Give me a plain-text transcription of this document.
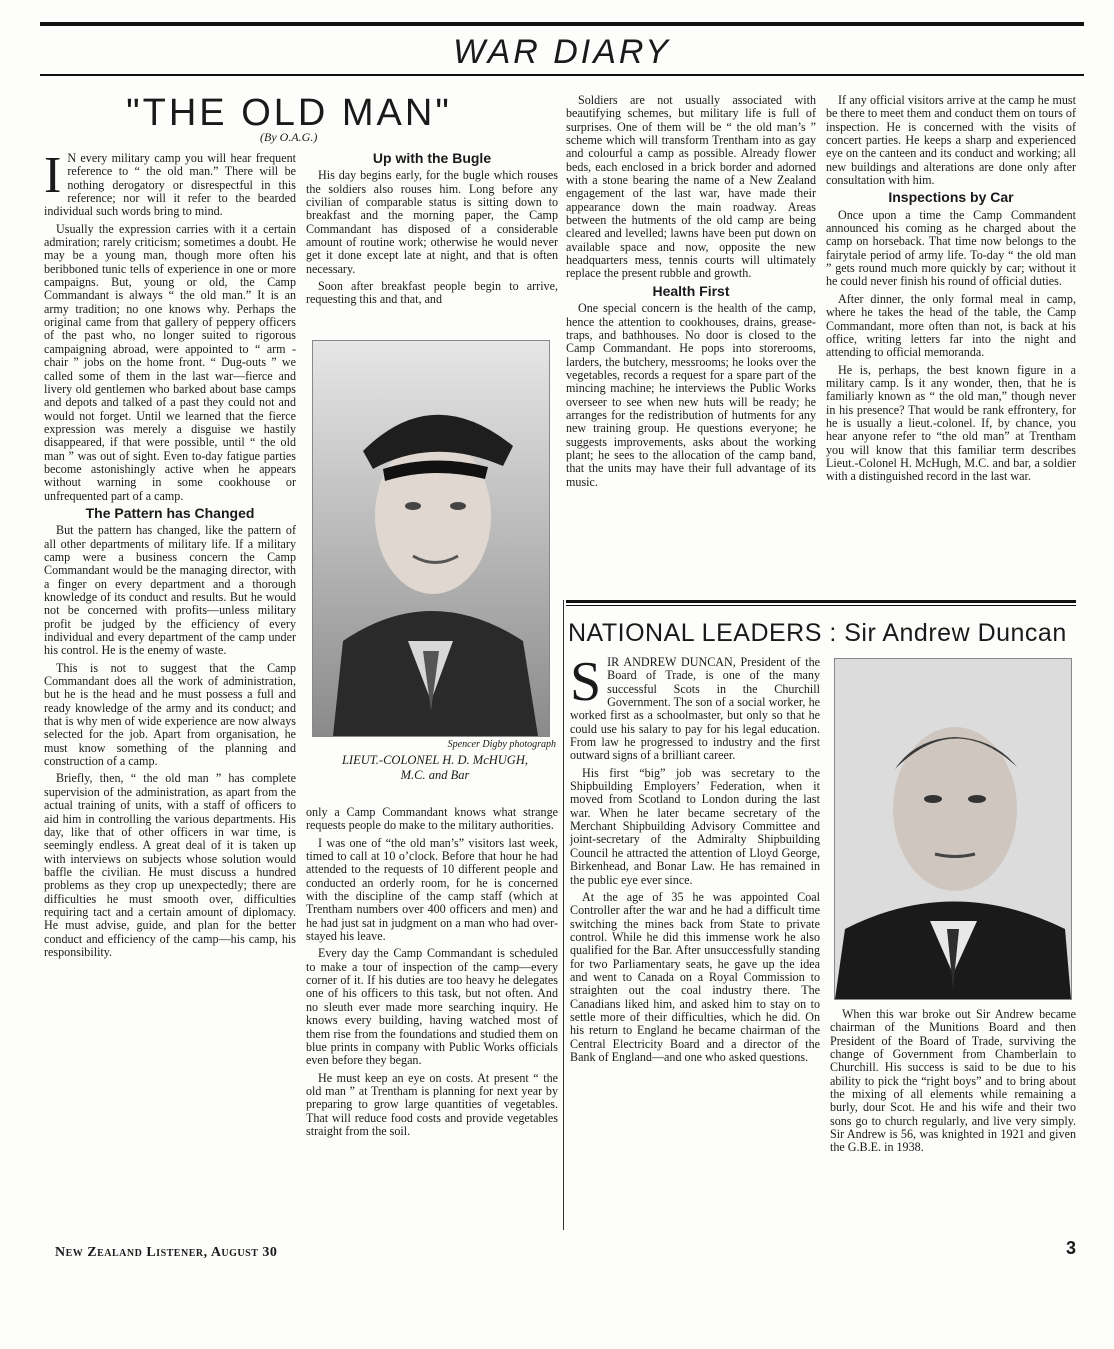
WAR DIARY
"THE OLD MAN"
(By O.A.G.)

I N every military camp you will hear frequent reference to “ the old man.” There will be nothing derogatory or disrespectful in this reference; nor will it refer to the bearded individual such words bring to mind.

Usually the expression carries with it a certain admiration; rarely criticism; sometimes a doubt. He may be a young man, though more often his beribboned tunic tells of experience in one or more campaigns. But, young or old, the Camp Commandant is always “ the old man.” It is an army tradition; no one knows why. Perhaps the original came from that gallery of peppery officers of the past who, no longer suited to rigorous campaigning abroad, were appointed to “ arm - chair ” jobs on the home front. “ Dug-outs ” we called some of them in the last war—fierce and livery old gentlemen who barked about base camps and depots and talked of a past they could not and would not forget. Until we learned that the fierce expression was merely a disguise we hastily disappeared, if that were possible, until “ the old man ” was out of sight. Even to-day fatigue parties become astonishingly active when he appears without warning in some cookhouse or unfrequented part of a camp.

The Pattern has Changed

But the pattern has changed, like the pattern of all other departments of military life. If a military camp were a business concern the Camp Commandant would be the managing director, with a finger on every department and a thorough knowledge of its conduct and results. But he would not be concerned with profits—unless military profit be judged by the efficiency of every individual and every department of the camp under his control. He is the enemy of waste.

This is not to suggest that the Camp Commandant does all the work of administration, but he is the head and he must possess a full and ready knowledge of the army and its conduct; and that is why men of wide experience are now always selected for the job. Apart from organisation, he must know something of the planning and construction of a camp.

Briefly, then, “ the old man ” has complete supervision of the administration, as apart from the actual training of units, with a staff of officers to aid him in controlling the various departments. His day, like that of other officers in war time, is seemingly endless. A great deal of it is taken up with interviews on subjects whose solution would baffle the civilian. He must discuss a hundred problems as they crop up unexpectedly; there are difficulties he must smooth over, difficulties requiring tact and a certain amount of diplomacy. He must advise, guide, and plan for the better conduct and efficiency of the camp—his camp, his responsibility.

Up with the Bugle

His day begins early, for the bugle which rouses the soldiers also rouses him. Long before any civilian of comparable status is sitting down to breakfast and the morning paper, the Camp Commandant has disposed of a considerable amount of routine work; otherwise he would never get it done except late at night, and that is often necessary.

Soon after breakfast people begin to arrive, requesting this and that, and

Spencer Digby photograph
LIEUT.-COLONEL H. D. McHUGH,
M.C. and Bar

only a Camp Commandant knows what strange requests people do make to the military authorities.

I was one of “the old man’s” visitors last week, timed to call at 10 o’clock. Before that hour he had attended to the requests of 10 different people and conducted an orderly room, for he is concerned with the discipline of the camp staff (which at Trentham numbers over 400 officers and men) and he had just sat in judgment on a man who had over-stayed his leave.

Every day the Camp Commandant is scheduled to make a tour of inspection of the camp—every corner of it. If his duties are too heavy he delegates one of his officers to this task, but not often. And no sleuth ever made more searching inquiry. He knows every building, having watched most of them rise from the foundations and studied them on blue prints in company with Public Works officials even before they began.

He must keep an eye on costs. At present “ the old man ” at Trentham is planning for next year by preparing to grow large quantities of vegetables. That will reduce food costs and provide vegetables straight from the soil.

Soldiers are not usually associated with beautifying schemes, but military life is full of surprises. One of them will be “ the old man’s ” scheme which will transform Trentham into as gay and colourful a camp as possible. Already flower beds, each enclosed in a brick border and adorned with a stone bearing the name of a New Zealand engagement of the last war, have made their appearance down the main roadway. Areas between the hutments of the old camp are being cleared and levelled; lawns have been put down on available space and now, opposite the new headquarters mess, tennis courts will ultimately replace the present rubble and growth.

Health First

One special concern is the health of the camp, hence the attention to cookhouses, drains, grease-traps, and bathhouses. No door is closed to the Camp Commandant. He pops into storerooms, larders, the butchery, messrooms; he looks over the vegetables, records a request for a spare part of the mincing machine; he interviews the Public Works overseer to see when new huts will be ready; he arranges for the redistribution of hutments for any new training group. He questions everyone; he suggests improvements, asks about the working plant; he sees to the allocation of the camp band, that the units may have their full advantage of its music.

If any official visitors arrive at the camp he must be there to meet them and conduct them on tours of inspection. He is concerned with the visits of concert parties. He keeps a sharp and experienced eye on the canteen and its conduct and working; all new buildings and alterations are done only after consultation with him.

Inspections by Car

Once upon a time the Camp Commandent announced his coming as he charged about the camp on horseback. That time now belongs to the fairytale period of army life. To-day “ the old man ” gets round much more quickly by car; without it he could never finish his round of official duties.

After dinner, the only formal meal in camp, where he takes the head of the table, the Camp Commandant, more often than not, is back at his office, writing letters far into the night and attending to official memoranda.

He is, perhaps, the best known figure in a military camp. Is it any wonder, then, that he is familiarly known as “ the old man,” though never in his presence? That would be rank effrontery, for he is usually a lieut.-colonel. If, by chance, you hear anyone refer to “the old man” at Trentham you will know that this familiar term describes Lieut.-Colonel H. McHugh, M.C. and bar, a soldier with a distinguished record in the last war.

NATIONAL LEADERS : Sir Andrew Duncan

SIR ANDREW DUNCAN, President of the Board of Trade, is one of the many successful Scots in the Churchill Government. The son of a social worker, he worked first as a schoolmaster, but only so that he could use his salary to pay for his legal education. From law he progressed to industry and the first outward signs of a brilliant career.

His first “big” job was secretary to the Shipbuilding Employers’ Federation, when it moved from Scotland to London during the last war. When he later became secretary of the Merchant Shipbuilding Advisory Committee and joint-secretary of the Admiralty Shipbuilding Council he attracted the attention of Lloyd George, Birkenhead, and Bonar Law. He has remained in the public eye ever since.

At the age of 35 he was appointed Coal Controller after the war and he had a difficult time switching the mines back from State to private control. While he did this immense work he also qualified for the Bar. After unsuccessfully standing for two Parliamentary seats, he gave up the idea and went to Canada on a Royal Commission to straighten out the coal industry there. The Canadians liked him, and asked him to stay on to settle more of their difficulties, which he did. On his return to England he became chairman of the Central Electricity Board and a director of the Bank of England—and one who asked questions.

When this war broke out Sir Andrew became chairman of the Munitions Board and then President of the Board of Trade, surviving the change of Government from Chamberlain to Churchill. His success is said to be due to his ability to pick the “right boys” and to bring about the mixing of all elements while remaining a burly, dour Scot. He and his wife and their two sons go to church regularly, and live very simply. Sir Andrew is 56, was knighted in 1921 and given the G.B.E. in 1938.

New Zealand Listener, August 30	3
